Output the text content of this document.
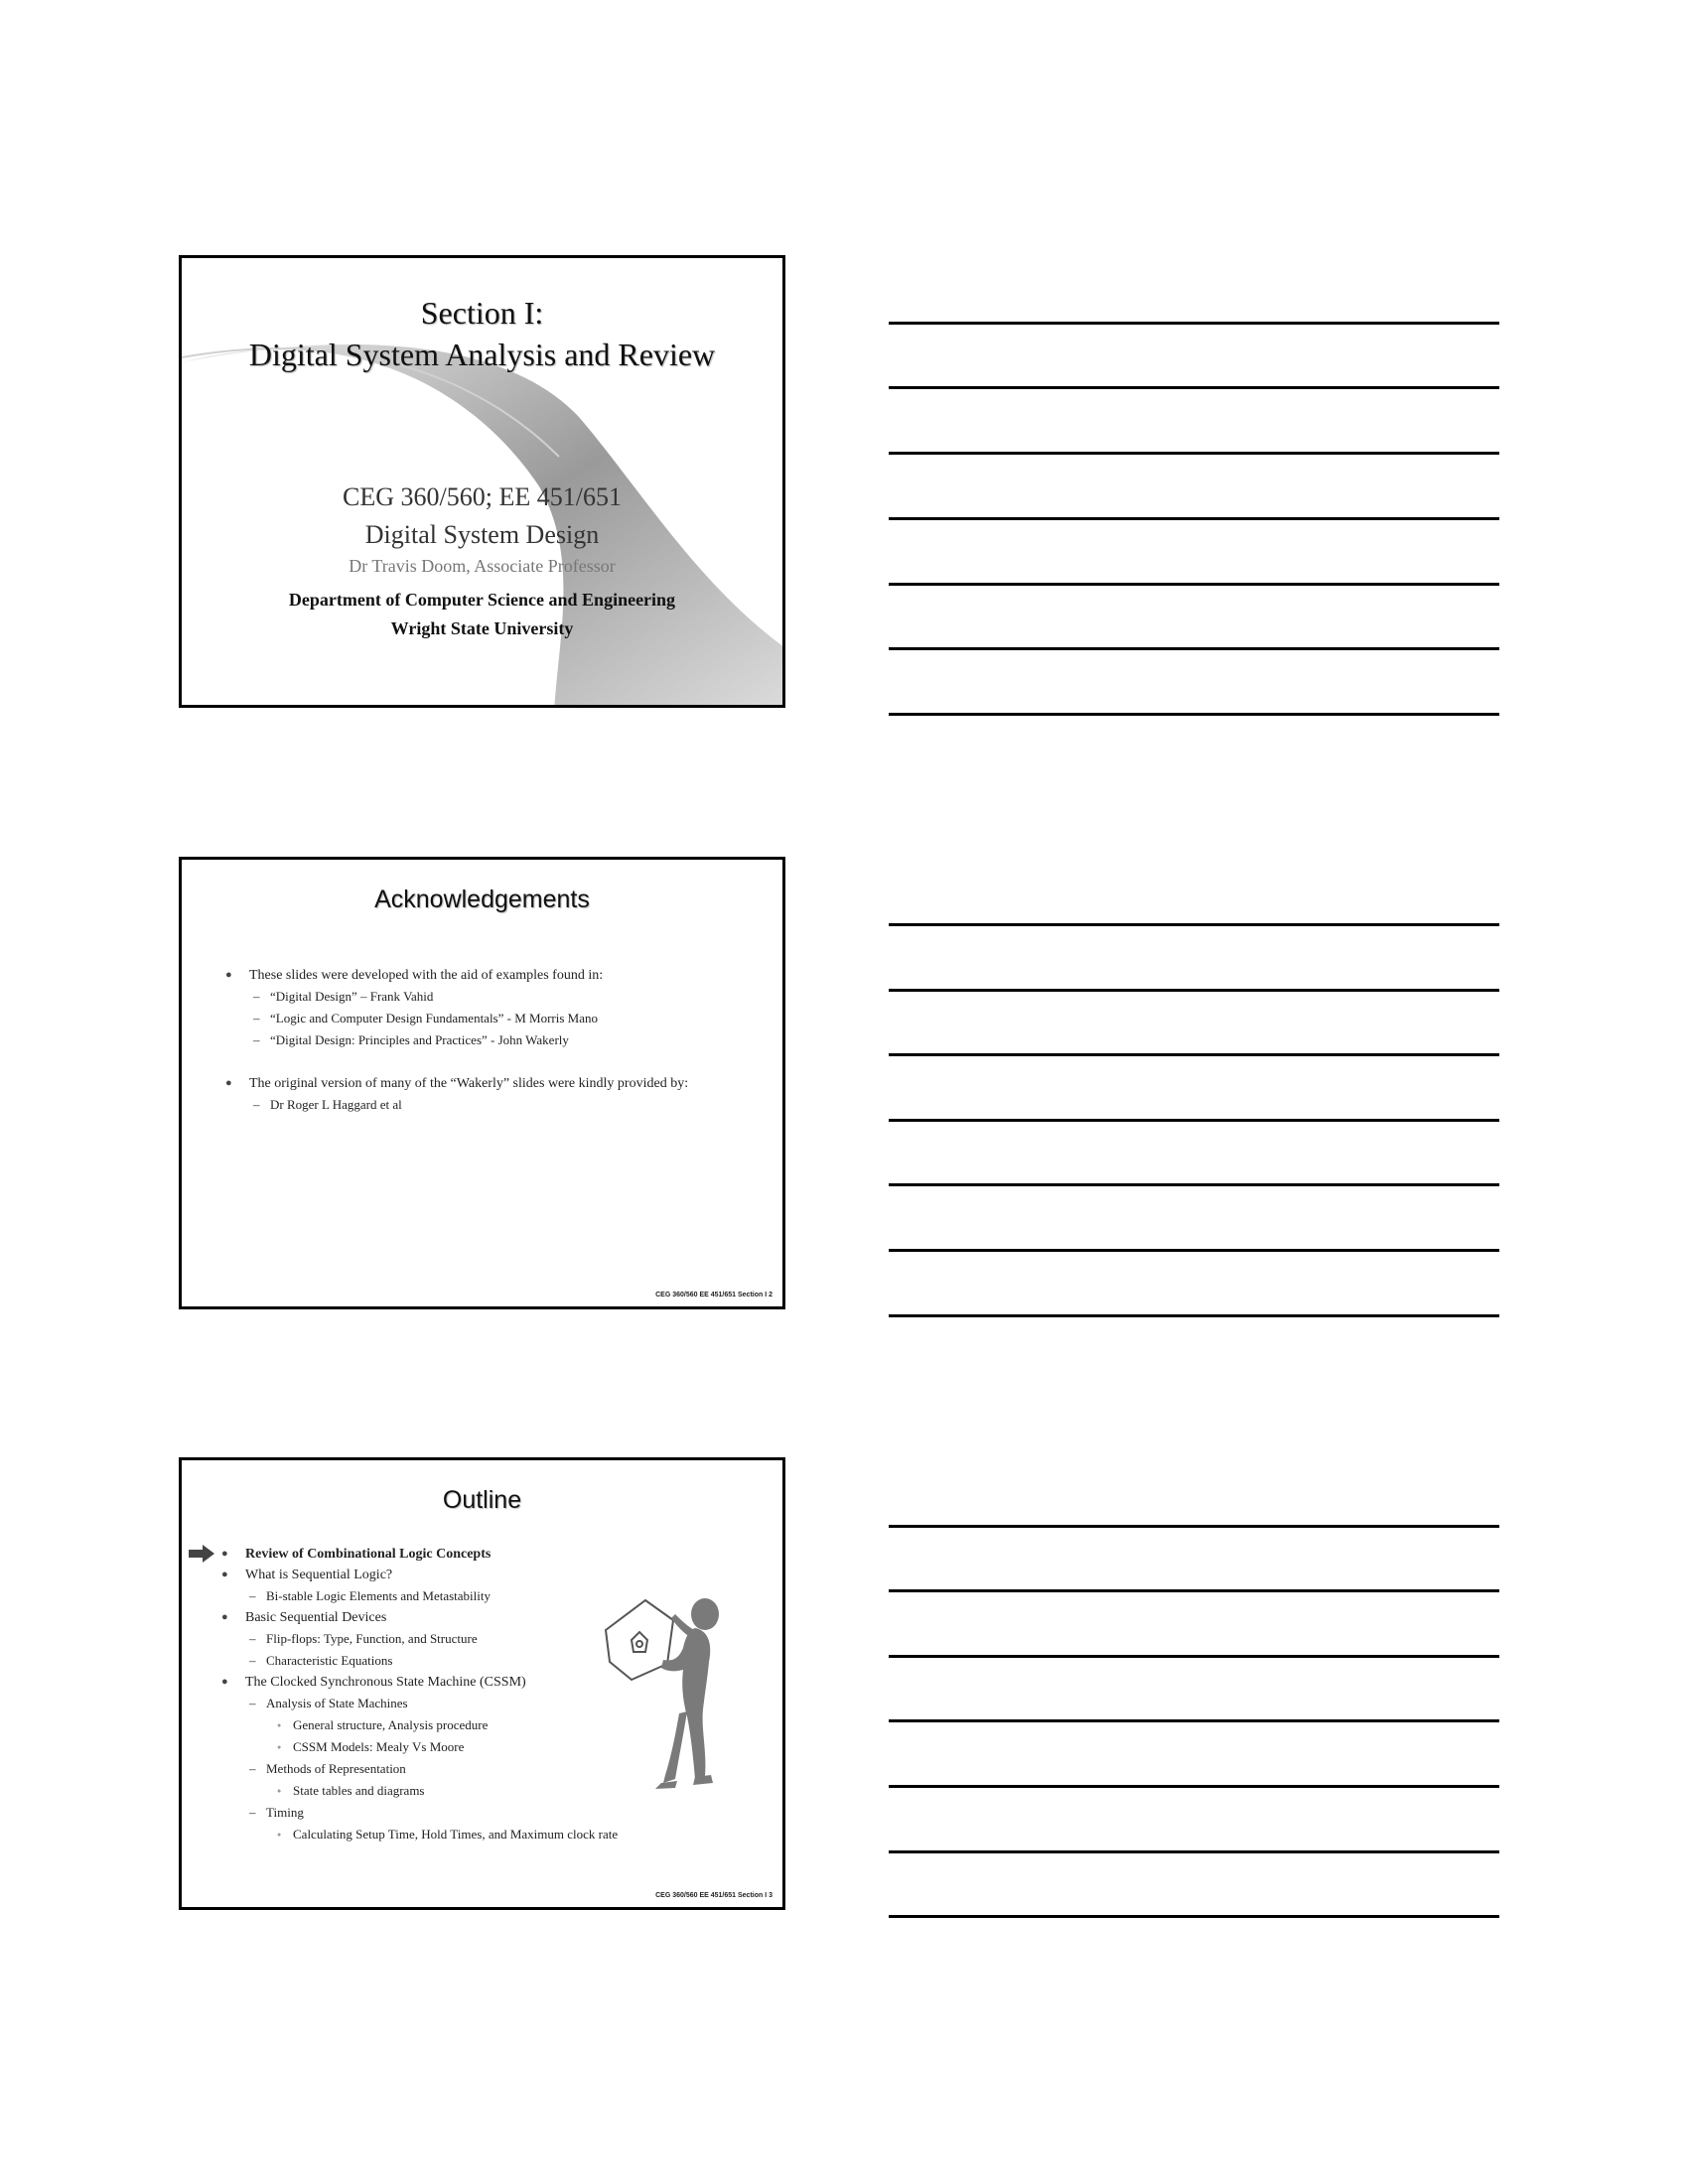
Section I:
Digital System Analysis and Review
CEG 360/560; EE 451/651
Digital System Design
Dr Travis Doom, Associate Professor
Department of Computer Science and Engineering
Wright State University
Acknowledgements
● These slides were developed with the aid of examples found in:
– “Digital Design” – Frank Vahid
– “Logic and Computer Design Fundamentals” - M Morris Mano
– “Digital Design: Principles and Practices” - John Wakerly
● The original version of many of the “Wakerly” slides were kindly provided by:
– Dr Roger L Haggard et al
CEG 360/560 EE 451/651 Section I 2
Outline
● Review of Combinational Logic Concepts
● What is Sequential Logic?
– Bi-stable Logic Elements and Metastability
● Basic Sequential Devices
– Flip-flops: Type, Function, and Structure
– Characteristic Equations
● The Clocked Synchronous State Machine (CSSM)
– Analysis of State Machines
● General structure, Analysis procedure
● CSSM Models: Mealy Vs Moore
– Methods of Representation
● State tables and diagrams
– Timing
● Calculating Setup Time, Hold Times, and Maximum clock rate
CEG 360/560 EE 451/651 Section I 3
